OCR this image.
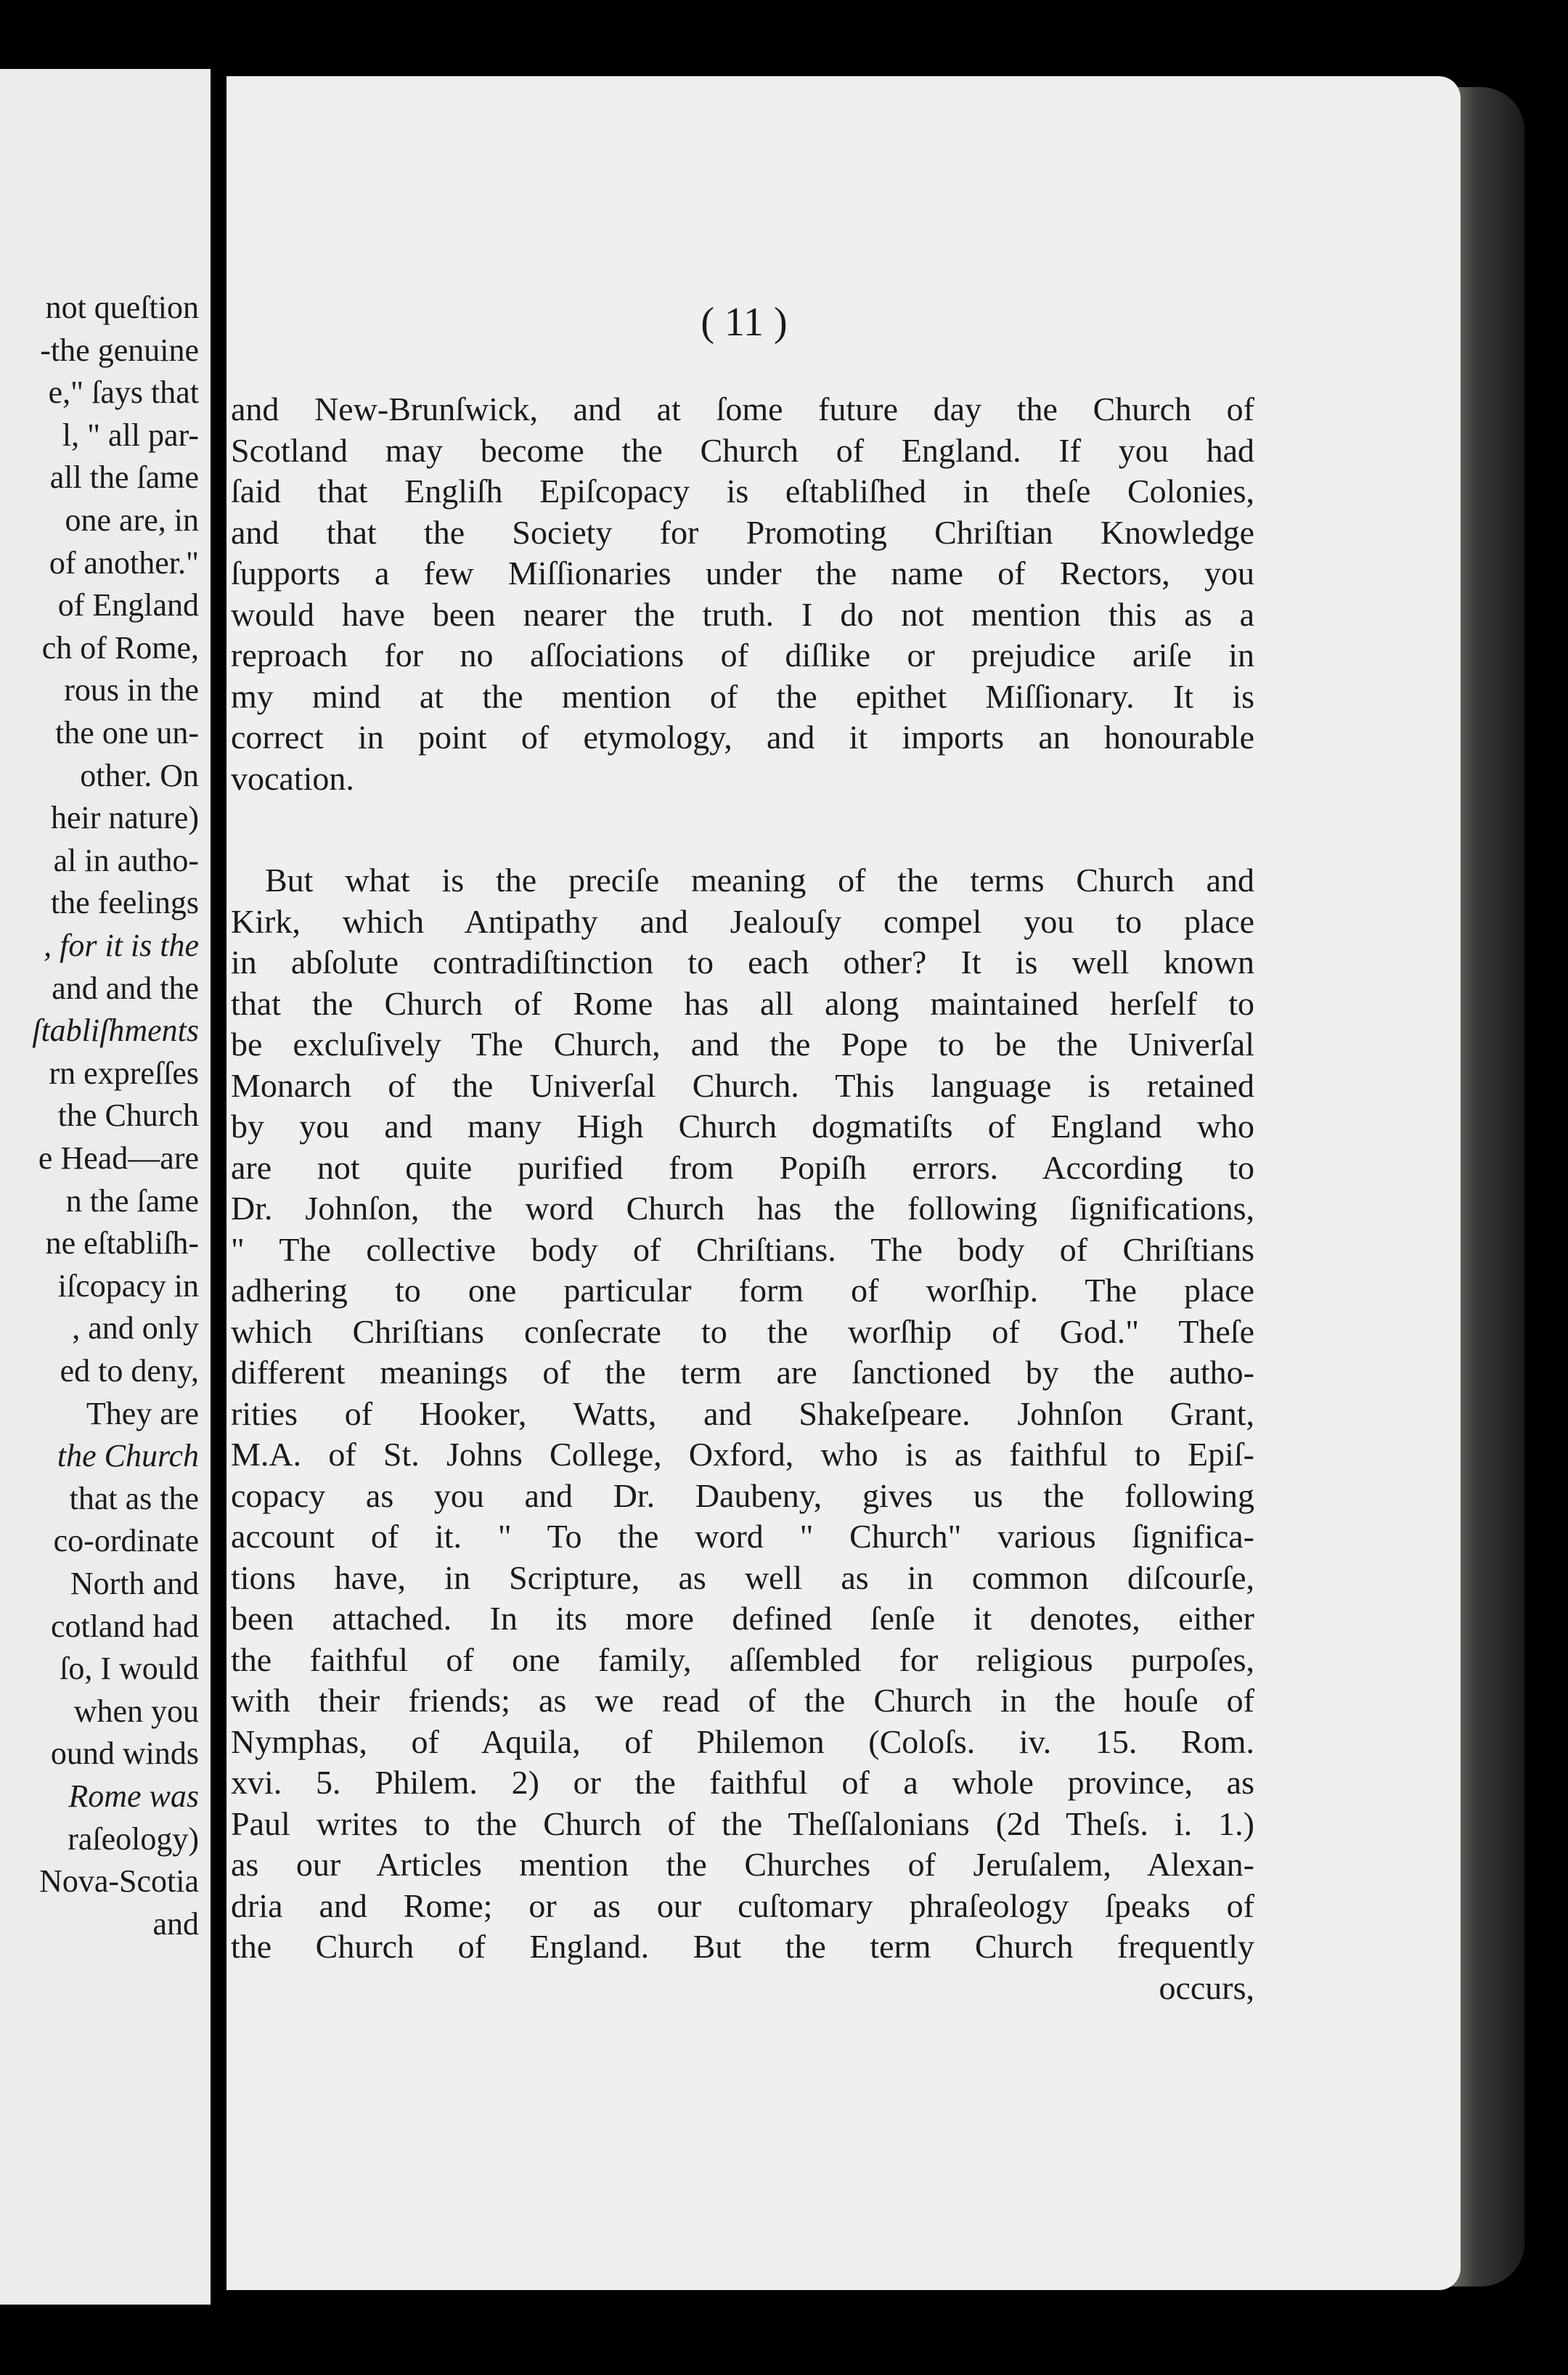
not queſtion
-the genuine
e," ſays that
l, " all par-
all the ſame
one are, in
of another."
of England
ch of Rome,
rous in the
the one un-
other. On
heir nature)
al in autho-
the feelings
, for it is the
and and the
ſtabliſhments
rn expreſſes
the Church
e Head—are
n the ſame
ne eſtabliſh-
iſcopacy in
, and only
ed to deny,
They are
the Church
that as the
co-ordinate
North and
cotland had
ſo, I would
when you
ound winds
Rome was
raſeology)
Nova-Scotia
and
( 11 )
and New-Brunſwick, and at ſome future day the Church of
Scotland may become the Church of England. If you had
ſaid that Engliſh Epiſcopacy is eſtabliſhed in theſe Colonies,
and that the Society for Promoting Chriſtian Knowledge
ſupports a few Miſſionaries under the name of Rectors, you
would have been nearer the truth. I do not mention this as a
reproach for no aſſociations of diſlike or prejudice ariſe in
my mind at the mention of the epithet Miſſionary. It is
correct in point of etymology, and it imports an honourable
vocation.
But what is the preciſe meaning of the terms Church and
Kirk, which Antipathy and Jealouſy compel you to place
in abſolute contradiſtinction to each other? It is well known
that the Church of Rome has all along maintained herſelf to
be excluſively The Church, and the Pope to be the Univerſal
Monarch of the Univerſal Church. This language is retained
by you and many High Church dogmatiſts of England who
are not quite purified from Popiſh errors. According to
Dr. Johnſon, the word Church has the following ſignifications,
" The collective body of Chriſtians. The body of Chriſtians
adhering to one particular form of worſhip. The place
which Chriſtians conſecrate to the worſhip of God." Theſe
different meanings of the term are ſanctioned by the autho-
rities of Hooker, Watts, and Shakeſpeare. Johnſon Grant,
M.A. of St. Johns College, Oxford, who is as faithful to Epiſ-
copacy as you and Dr. Daubeny, gives us the following
account of it. " To the word " Church" various ſignifica-
tions have, in Scripture, as well as in common diſcourſe,
been attached. In its more defined ſenſe it denotes, either
the faithful of one family, aſſembled for religious purpoſes,
with their friends; as we read of the Church in the houſe of
Nymphas, of Aquila, of Philemon (Coloſs. iv. 15. Rom.
xvi. 5. Philem. 2) or the faithful of a whole province, as
Paul writes to the Church of the Theſſalonians (2d Theſs. i. 1.)
as our Articles mention the Churches of Jeruſalem, Alexan-
dria and Rome; or as our cuſtomary phraſeology ſpeaks of
the Church of England. But the term Church frequently
occurs,
